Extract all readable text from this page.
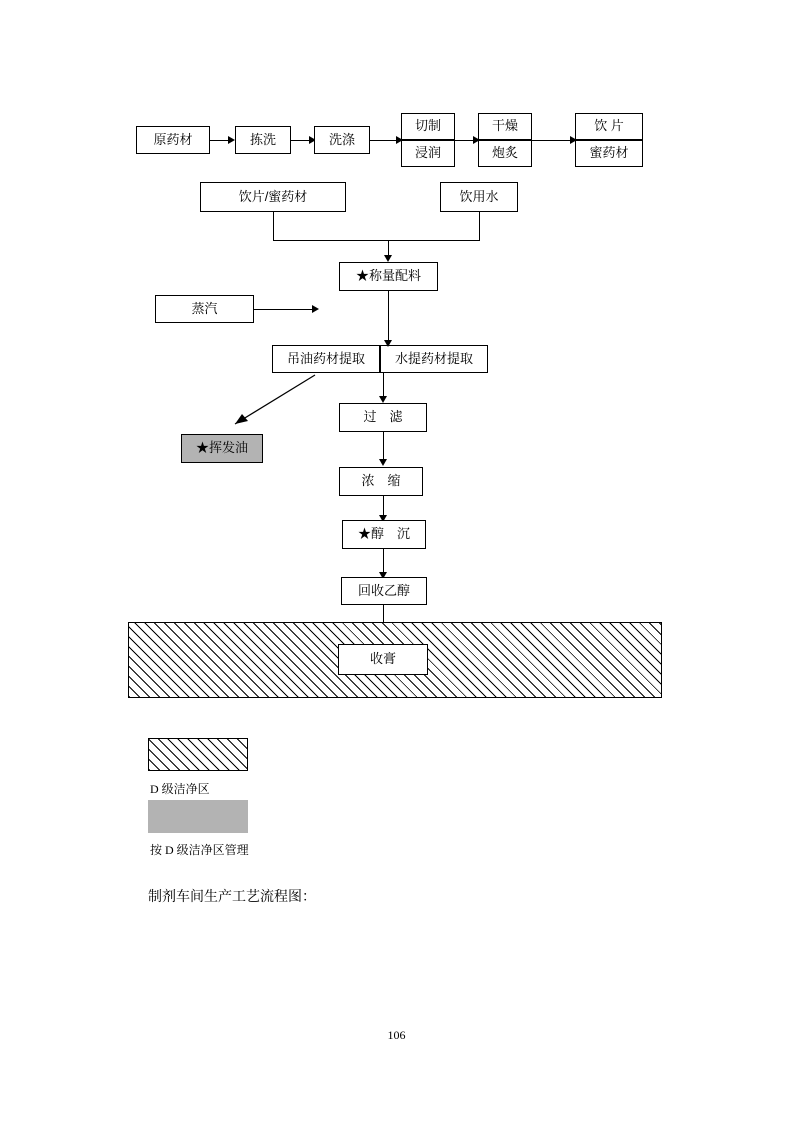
原药材	拣洗	洗涤
切制
浸润
干燥
炮炙
饮 片
蜜药材
饮片/蜜药材	饮用水
★称量配料
蒸汽
吊油药材提取	水提药材提取
★挥发油
过　滤
浓　缩
★醇　沉
回收乙醇
收膏
D 级洁净区
按 D 级洁净区管理
制剂车间生产工艺流程图：
106
